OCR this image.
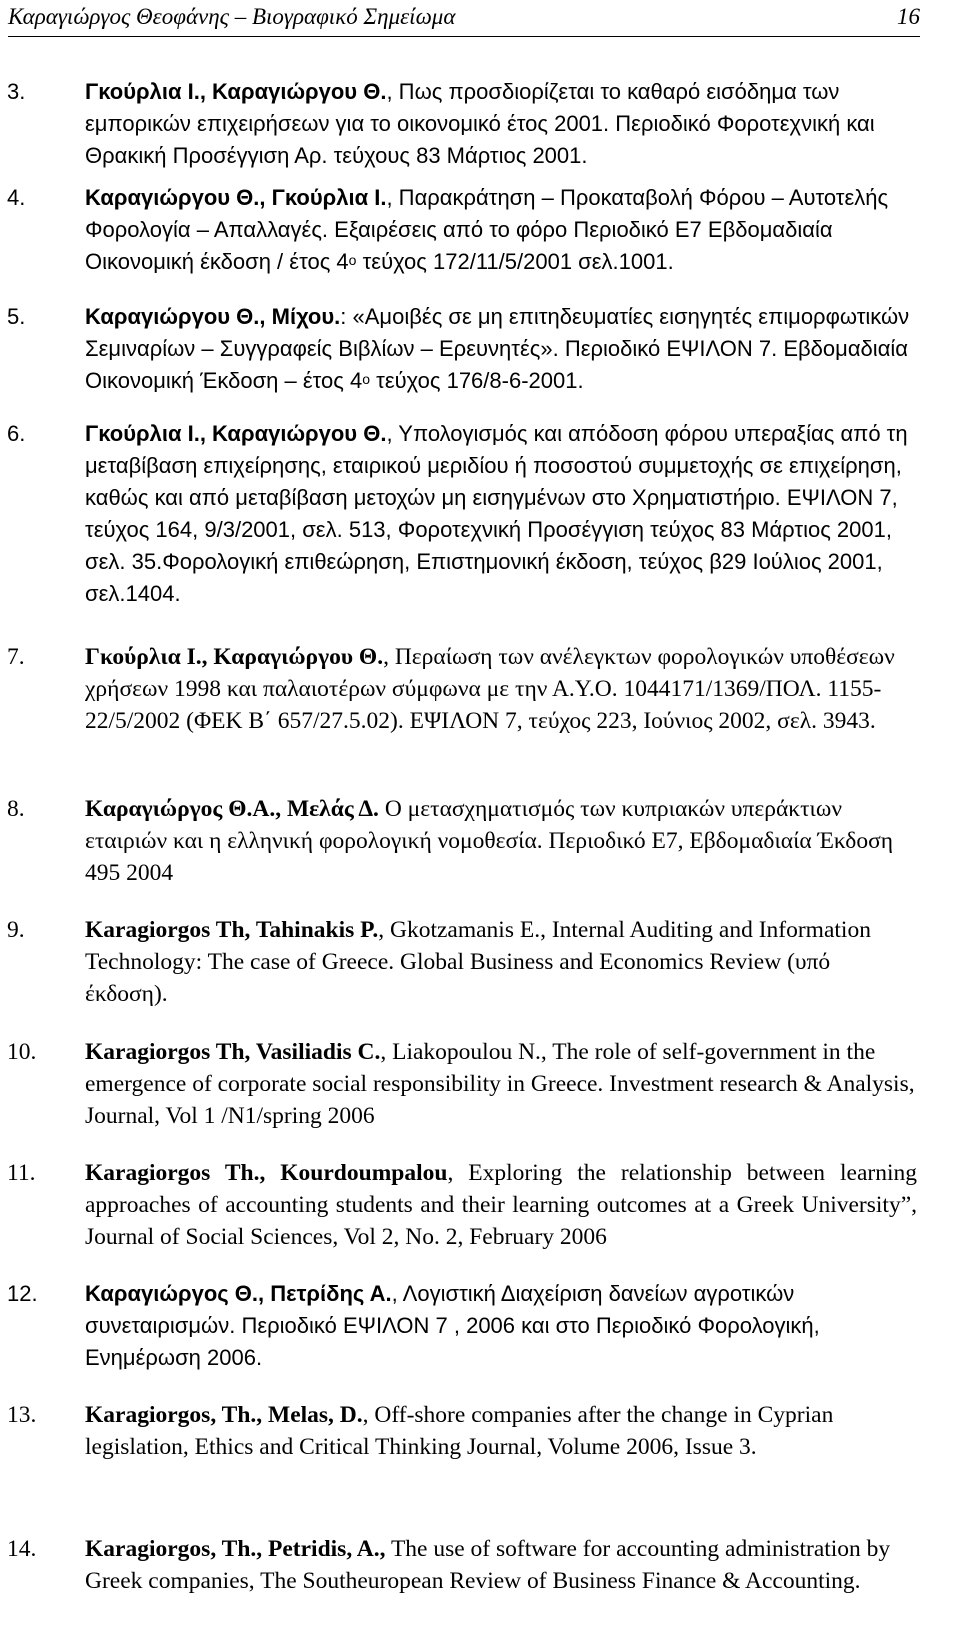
Καραγιώργος Θεοφάνης – Βιογραφικό Σημείωμα	16
3.	Γκούρλια Ι., Καραγιώργου Θ., Πως προσδιορίζεται το καθαρό εισόδημα των εμπορικών επιχειρήσεων για το οικονομικό έτος 2001. Περιοδικό Φοροτεχνική και Θρακική Προσέγγιση Αρ. τεύχους 83 Μάρτιος 2001.
4.	Καραγιώργου Θ., Γκούρλια Ι., Παρακράτηση – Προκαταβολή Φόρου – Αυτοτελής Φορολογία – Απαλλαγές. Εξαιρέσεις από το φόρο Περιοδικό Ε7 Εβδομαδιαία Οικονομική έκδοση / έτος $4^o$ τεύχος 172/11/5/2001 σελ.1001.
5.	Καραγιώργου Θ., Μίχου.: «Αμοιβές σε μη επιτηδευματίες εισηγητές επιμορφωτικών Σεμιναρίων – Συγγραφείς Βιβλίων – Ερευνητές». Περιοδικό ΕΨΙΛΟΝ 7. Εβδομαδιαία Οικονομική Έκδοση – έτος $4^o$ τεύχος 176/8-6-2001.
6.	Γκούρλια Ι., Καραγιώργου Θ., Υπολογισμός και απόδοση φόρου υπεραξίας από τη μεταβίβαση επιχείρησης, εταιρικού μεριδίου ή ποσοστού συμμετοχής σε επιχείρηση, καθώς και από μεταβίβαση μετοχών μη εισηγμένων στο Χρηματιστήριο. ΕΨΙΛΟΝ 7, τεύχος 164, 9/3/2001, σελ. 513, Φοροτεχνική Προσέγγιση τεύχος 83 Μάρτιος 2001, σελ. 35.Φορολογική επιθεώρηση, Επιστημονική έκδοση, τεύχος β29 Ιούλιος 2001, σελ.1404.
7.	Γκούρλια Ι., Καραγιώργου Θ., Περαίωση των ανέλεγκτων φορολογικών υποθέσεων χρήσεων 1998 και παλαιοτέρων σύμφωνα με την Α.Υ.Ο. 1044171/1369/ΠΟΛ. 1155-22/5/2002 (ΦΕΚ Β΄ 657/27.5.02). ΕΨΙΛΟΝ 7, τεύχος 223, Ιούνιος 2002, σελ. 3943.
8.	Καραγιώργος Θ.Α., Μελάς Δ. Ο μετασχηματισμός των κυπριακών υπεράκτιων εταιριών και η ελληνική φορολογική νομοθεσία. Περιοδικό Ε7, Εβδομαδιαία Έκδοση 495 2004
9.	Karagiorgos Th, Tahinakis P., Gkotzamanis E., Internal Auditing and Information Technology: The case of Greece. Global Business and Economics Review (υπό έκδοση).
10. Karagiorgos Th, Vasiliadis C., Liakopoulou N., The role of self-government in the emergence of corporate social responsibility in Greece. Investment research & Analysis, Journal, Vol 1 /N1/spring 2006
11. Karagiorgos Th., Kourdoumpalou, Exploring the relationship between learning approaches of accounting students and their learning outcomes at a Greek University”, Journal of Social Sciences, Vol 2, No. 2, February 2006
12. Καραγιώργος Θ., Πετρίδης Α., Λογιστική Διαχείριση δανείων αγροτικών συνεταιρισμών. Περιοδικό ΕΨΙΛΟΝ 7 , 2006 και στο Περιοδικό Φορολογική, Ενημέρωση 2006.
13. Karagiorgos, Th., Melas, D., Off-shore companies after the change in Cyprian legislation, Ethics and Critical Thinking Journal, Volume 2006, Issue 3.
14. Karagiorgos, Th., Petridis, A., The use of software for accounting administration by Greek companies, The Southeuropean Review of Business Finance & Accounting.
